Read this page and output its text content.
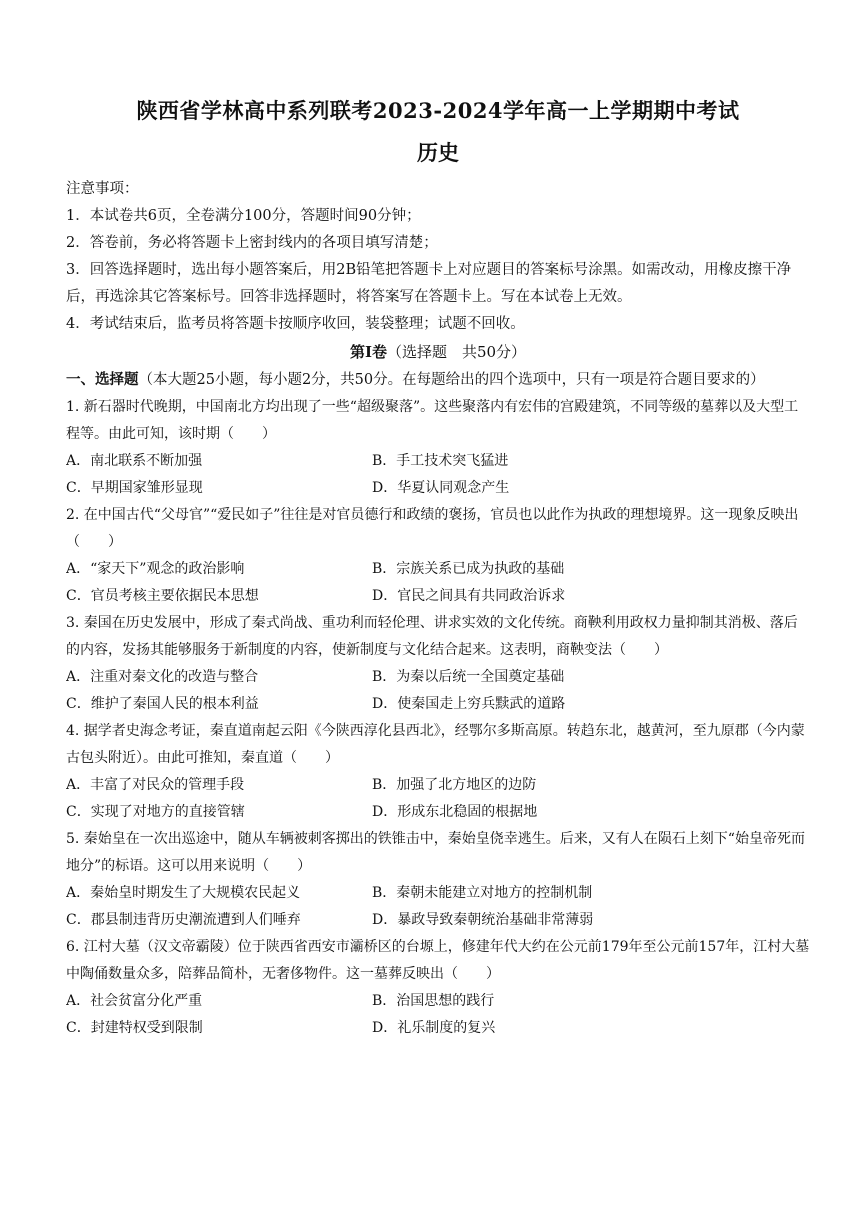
陕西省学林高中系列联考2023-2024学年高一上学期期中考试
历史

注意事项：

1．本试卷共6页，全卷满分100分，答题时间90分钟；

2．答卷前，务必将答题卡上密封线内的各项目填写清楚；

3．回答选择题时，选出每小题答案后，用2B铅笔把答题卡上对应题目的答案标号涂黑。如需改动，用橡皮擦干净后，再选涂其它答案标号。回答非选择题时，将答案写在答题卡上。写在本试卷上无效。

4．考试结束后，监考员将答题卡按顺序收回，装袋整理；试题不回收。

第Ⅰ卷（选择题　共50分）

一、选择题（本大题25小题，每小题2分，共50分。在每题给出的四个选项中，只有一项是符合题目要求的）

1. 新石器时代晚期，中国南北方均出现了一些“超级聚落”。这些聚落内有宏伟的宫殿建筑，不同等级的墓葬以及大型工程等。由此可知，该时期（　　）

A．南北联系不断加强	B．手工技术突飞猛进
C．早期国家雏形显现	D．华夏认同观念产生

2. 在中国古代“父母官”“爱民如子”往往是对官员德行和政绩的褒扬，官员也以此作为执政的理想境界。这一现象反映出（　　）

A．“家天下”观念的政治影响	B．宗族关系已成为执政的基础
C．官员考核主要依据民本思想	D．官民之间具有共同政治诉求

3. 秦国在历史发展中，形成了秦式尚战、重功利而轻伦理、讲求实效的文化传统。商鞅利用政权力量抑制其消极、落后的内容，发扬其能够服务于新制度的内容，使新制度与文化结合起来。这表明，商鞅变法（　　）

A．注重对秦文化的改造与整合	B．为秦以后统一全国奠定基础
C．维护了秦国人民的根本利益	D．使秦国走上穷兵黩武的道路

4. 据学者史海念考证，秦直道南起云阳《今陕西淳化县西北》，经鄂尔多斯高原。转趋东北，越黄河，至九原郡（今内蒙古包头附近）。由此可推知，秦直道（　　）

A．丰富了对民众的管理手段	B．加强了北方地区的边防
C．实现了对地方的直接管辖	D．形成东北稳固的根据地

5. 秦始皇在一次出巡途中，随从车辆被刺客掷出的铁锥击中，秦始皇侥幸逃生。后来，又有人在陨石上刻下“始皇帝死而地分”的标语。这可以用来说明（　　）

A．秦始皇时期发生了大规模农民起义	B．秦朝未能建立对地方的控制机制
C．郡县制违背历史潮流遭到人们唾弃	D．暴政导致秦朝统治基础非常薄弱

6. 江村大墓（汉文帝霸陵）位于陕西省西安市灞桥区的台塬上，修建年代大约在公元前179年至公元前157年，江村大墓中陶俑数量众多，陪葬品简朴，无奢侈物件。这一墓葬反映出（　　）

A．社会贫富分化严重	B．治国思想的践行
C．封建特权受到限制	D．礼乐制度的复兴
